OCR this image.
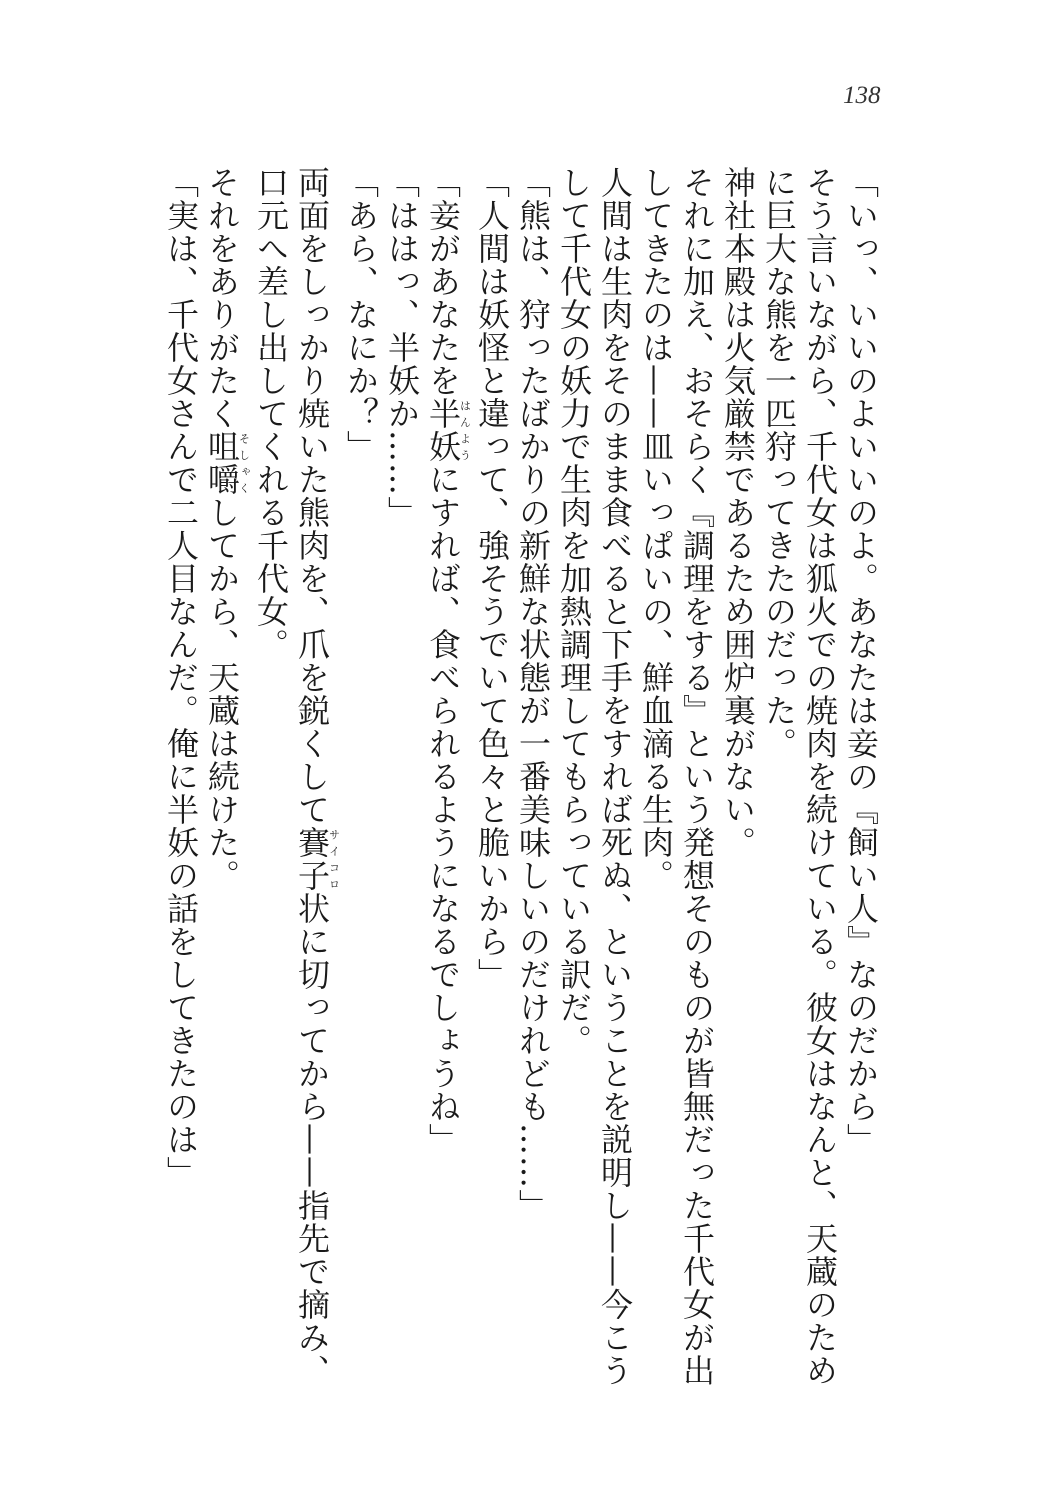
138
「いっ、いいのよいいのよ。あなたは妾の『飼い人』なのだから」
そう言いながら、千代女は狐火での焼肉を続けている。彼女はなんと、天蔵のため
に巨大な熊を一匹狩ってきたのだった。
神社本殿は火気厳禁であるため囲炉裏がない。
それに加え、おそらく『調理をする』という発想そのものが皆無だった千代女が出
してきたのは——皿いっぱいの、鮮血滴る生肉。
人間は生肉をそのまま食べると下手をすれば死ぬ、ということを説明し——今こう
して千代女の妖力で生肉を加熱調理してもらっている訳だ。
「熊は、狩ったばかりの新鮮な状態が一番美味しいのだけれども……」
「人間は妖怪と違って、強そうでいて色々と脆いから」
「妾があなたを半妖はんようにすれば、食べられるようになるでしょうね」
「ははっ、半妖か……」
「あら、なにか？」
両面をしっかり焼いた熊肉を、爪を鋭くして賽子サイコロ状に切ってから——指先で摘み、
口元へ差し出してくれる千代女。
それをありがたく咀嚼そしゃくしてから、天蔵は続けた。
「実は、千代女さんで二人目なんだ。俺に半妖の話をしてきたのは」
